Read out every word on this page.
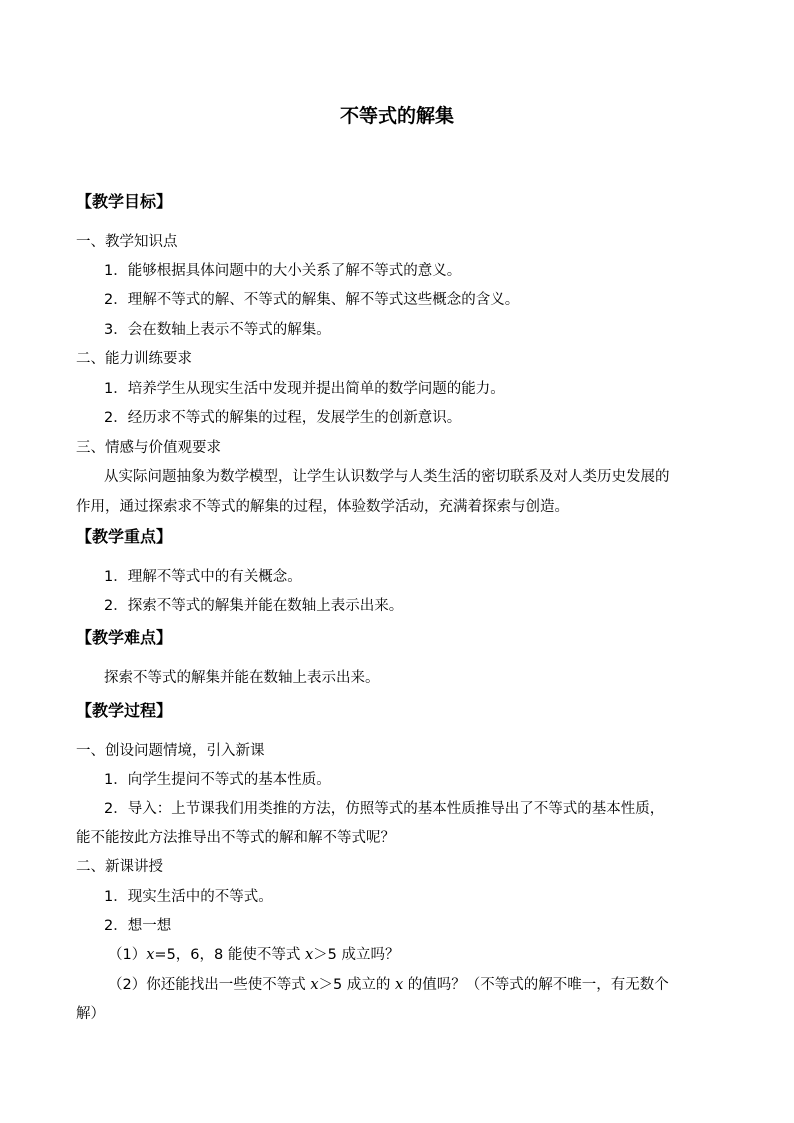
不等式的解集
【教学目标】
一、教学知识点
1．能够根据具体问题中的大小关系了解不等式的意义。
2．理解不等式的解、不等式的解集、解不等式这些概念的含义。
3．会在数轴上表示不等式的解集。
二、能力训练要求
1．培养学生从现实生活中发现并提出简单的数学问题的能力。
2．经历求不等式的解集的过程，发展学生的创新意识。
三、情感与价值观要求
从实际问题抽象为数学模型，让学生认识数学与人类生活的密切联系及对人类历史发展的
作用，通过探索求不等式的解集的过程，体验数学活动，充满着探索与创造。
【教学重点】
1．理解不等式中的有关概念。
2．探索不等式的解集并能在数轴上表示出来。
【教学难点】
探索不等式的解集并能在数轴上表示出来。
【教学过程】
一、创设问题情境，引入新课
1．向学生提问不等式的基本性质。
2．导入：上节课我们用类推的方法，仿照等式的基本性质推导出了不等式的基本性质，
能不能按此方法推导出不等式的解和解不等式呢？
二、新课讲授
1．现实生活中的不等式。
2．想一想
（1）x=5，6，8 能使不等式 x＞5 成立吗？
（2）你还能找出一些使不等式 x＞5 成立的 x 的值吗？（不等式的解不唯一，有无数个
解）
